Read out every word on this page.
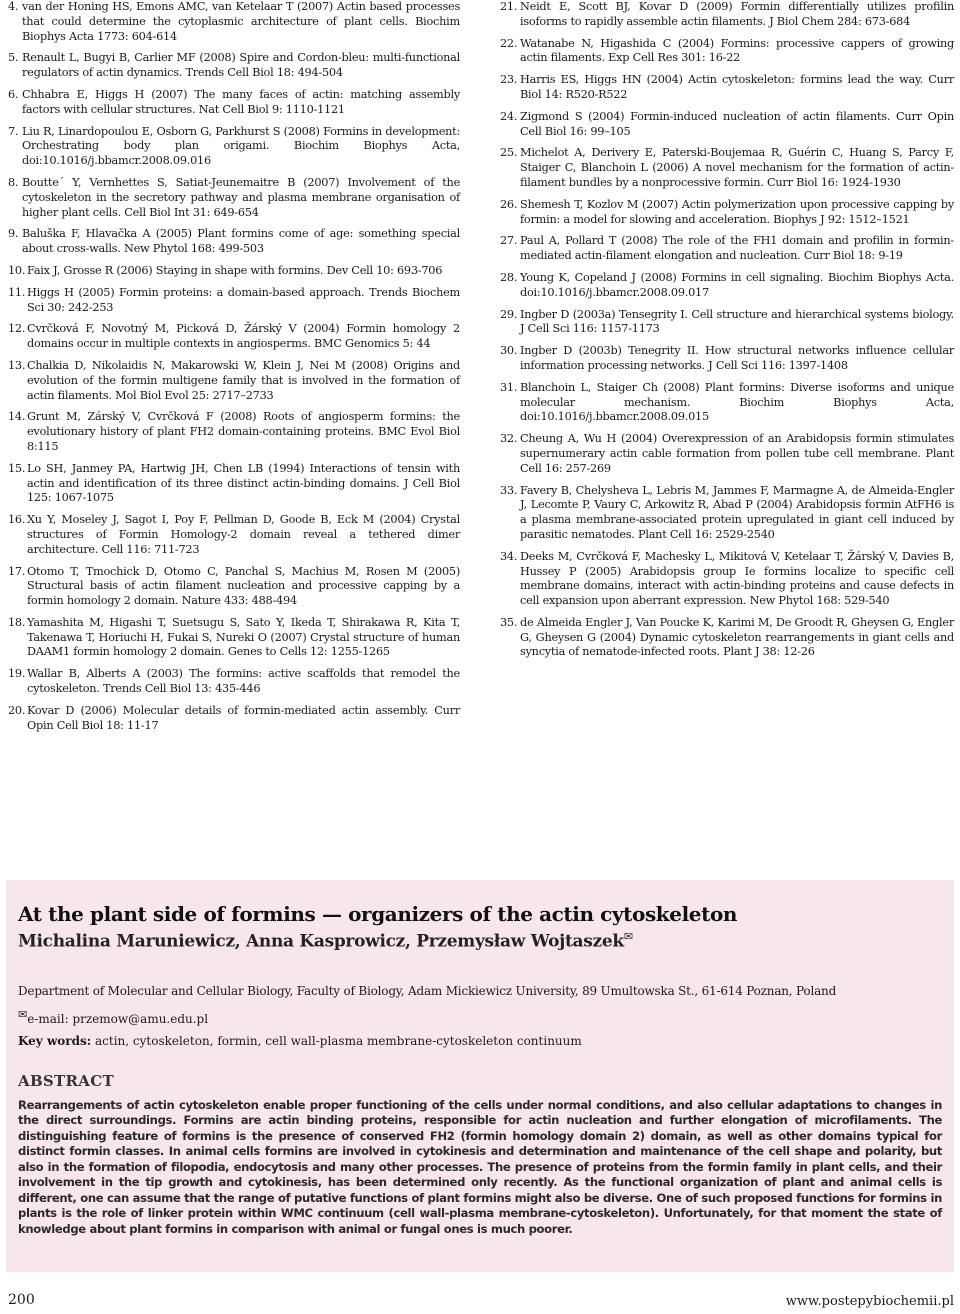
4. van der Honing HS, Emons AMC, van Ketelaar T (2007) Actin based processes that could determine the cytoplasmic architecture of plant cells. Biochim Biophys Acta 1773: 604-614
5. Renault L, Bugyi B, Carlier MF (2008) Spire and Cordon-bleu: multi-functional regulators of actin dynamics. Trends Cell Biol 18: 494-504
6. Chhabra E, Higgs H (2007) The many faces of actin: matching assembly factors with cellular structures. Nat Cell Biol 9: 1110-1121
7. Liu R, Linardopoulou E, Osborn G, Parkhurst S (2008) Formins in development: Orchestrating body plan origami. Biochim Biophys Acta, doi:10.1016/j.bbamcr.2008.09.016
8. Boutte´ Y, Vernhettes S, Satiat-Jeunemaitre B (2007) Involvement of the cytoskeleton in the secretory pathway and plasma membrane organisation of higher plant cells. Cell Biol Int 31: 649-654
9. Baluška F, Hlavačka A (2005) Plant formins come of age: something special about cross-walls. New Phytol 168: 499-503
10. Faix J, Grosse R (2006) Staying in shape with formins. Dev Cell 10: 693-706
11. Higgs H (2005) Formin proteins: a domain-based approach. Trends Biochem Sci 30: 242-253
12. Cvrčková F, Novotný M, Picková D, Žárský V (2004) Formin homology 2 domains occur in multiple contexts in angiosperms. BMC Genomics 5: 44
13. Chalkia D, Nikolaidis N, Makarowski W, Klein J, Nei M (2008) Origins and evolution of the formin multigene family that is involved in the formation of actin filaments. Mol Biol Evol 25: 2717–2733
14. Grunt M, Zárský V, Cvrčková F (2008) Roots of angiosperm formins: the evolutionary history of plant FH2 domain-containing proteins. BMC Evol Biol 8:115
15. Lo SH, Janmey PA, Hartwig JH, Chen LB (1994) Interactions of tensin with actin and identification of its three distinct actin-binding domains. J Cell Biol 125: 1067-1075
16. Xu Y, Moseley J, Sagot I, Poy F, Pellman D, Goode B, Eck M (2004) Crystal structures of Formin Homology-2 domain reveal a tethered dimer architecture. Cell 116: 711-723
17. Otomo T, Tmochick D, Otomo C, Panchal S, Machius M, Rosen M (2005) Structural basis of actin filament nucleation and processive capping by a formin homology 2 domain. Nature 433: 488-494
18. Yamashita M, Higashi T, Suetsugu S, Sato Y, Ikeda T, Shirakawa R, Kita T, Takenawa T, Horiuchi H, Fukai S, Nureki O (2007) Crystal structure of human DAAM1 formin homology 2 domain. Genes to Cells 12: 1255-1265
19. Wallar B, Alberts A (2003) The formins: active scaffolds that remodel the cytoskeleton. Trends Cell Biol 13: 435-446
20. Kovar D (2006) Molecular details of formin-mediated actin assembly. Curr Opin Cell Biol 18: 11-17
21. Neidt E, Scott BJ, Kovar D (2009) Formin differentially utilizes profilin isoforms to rapidly assemble actin filaments. J Biol Chem 284: 673-684
22. Watanabe N, Higashida C (2004) Formins: processive cappers of growing actin filaments. Exp Cell Res 301: 16-22
23. Harris ES, Higgs HN (2004) Actin cytoskeleton: formins lead the way. Curr Biol 14: R520-R522
24. Zigmond S (2004) Formin-induced nucleation of actin filaments. Curr Opin Cell Biol 16: 99–105
25. Michelot A, Derivery E, Paterski-Boujemaa R, Guérin C, Huang S, Parcy F, Staiger C, Blanchoin L (2006) A novel mechanism for the formation of actin-filament bundles by a nonprocessive formin. Curr Biol 16: 1924-1930
26. Shemesh T, Kozlov M (2007) Actin polymerization upon processive capping by formin: a model for slowing and acceleration. Biophys J 92: 1512–1521
27. Paul A, Pollard T (2008) The role of the FH1 domain and profilin in formin-mediated actin-filament elongation and nucleation. Curr Biol 18: 9-19
28. Young K, Copeland J (2008) Formins in cell signaling. Biochim Biophys Acta. doi:10.1016/j.bbamcr.2008.09.017
29. Ingber D (2003a) Tensegrity I. Cell structure and hierarchical systems biology. J Cell Sci 116: 1157-1173
30. Ingber D (2003b) Tenegrity II. How structural networks influence cellular information processing networks. J Cell Sci 116: 1397-1408
31. Blanchoin L, Staiger Ch (2008) Plant formins: Diverse isoforms and unique molecular mechanism. Biochim Biophys Acta, doi:10.1016/j.bbamcr.2008.09.015
32. Cheung A, Wu H (2004) Overexpression of an Arabidopsis formin stimulates supernumerary actin cable formation from pollen tube cell membrane. Plant Cell 16: 257-269
33. Favery B, Chelysheva L, Lebris M, Jammes F, Marmagne A, de Almeida-Engler J, Lecomte P, Vaury C, Arkowitz R, Abad P (2004) Arabidopsis formin AtFH6 is a plasma membrane-associated protein upregulated in giant cell induced by parasitic nematodes. Plant Cell 16: 2529-2540
34. Deeks M, Cvrčková F, Machesky L, Mikitová V, Ketelaar T, Žárský V, Davies B, Hussey P (2005) Arabidopsis group Ie formins localize to specific cell membrane domains, interact with actin-binding proteins and cause defects in cell expansion upon aberrant expression. New Phytol 168: 529-540
35. de Almeida Engler J, Van Poucke K, Karimi M, De Groodt R, Gheysen G, Engler G, Gheysen G (2004) Dynamic cytoskeleton rearrangements in giant cells and syncytia of nematode-infected roots. Plant J 38: 12-26
At the plant side of formins — organizers of the actin cytoskeleton
Michalina Maruniewicz, Anna Kasprowicz, Przemysław Wojtaszek✉
Department of Molecular and Cellular Biology, Faculty of Biology, Adam Mickiewicz University, 89 Umultowska St., 61-614 Poznan, Poland
✉e-mail: przemow@amu.edu.pl
Key words: actin, cytoskeleton, formin, cell wall-plasma membrane-cytoskeleton continuum
ABSTRACT
Rearrangements of actin cytoskeleton enable proper functioning of the cells under normal conditions, and also cellular adaptations to changes in the direct surroundings. Formins are actin binding proteins, responsible for actin nucleation and further elongation of microfilaments. The distinguishing feature of formins is the presence of conserved FH2 (formin homology domain 2) domain, as well as other domains typical for distinct formin classes. In animal cells formins are involved in cytokinesis and determination and maintenance of the cell shape and polarity, but also in the formation of filopodia, endocytosis and many other processes. The presence of proteins from the formin family in plant cells, and their involvement in the tip growth and cytokinesis, has been determined only recently. As the functional organization of plant and animal cells is different, one can assume that the range of putative functions of plant formins might also be diverse. One of such proposed functions for formins in plants is the role of linker protein within WMC continuum (cell wall-plasma membrane-cytoskeleton). Unfortunately, for that moment the state of knowledge about plant formins in comparison with animal or fungal ones is much poorer.
200	www.postepybiochemii.pl
